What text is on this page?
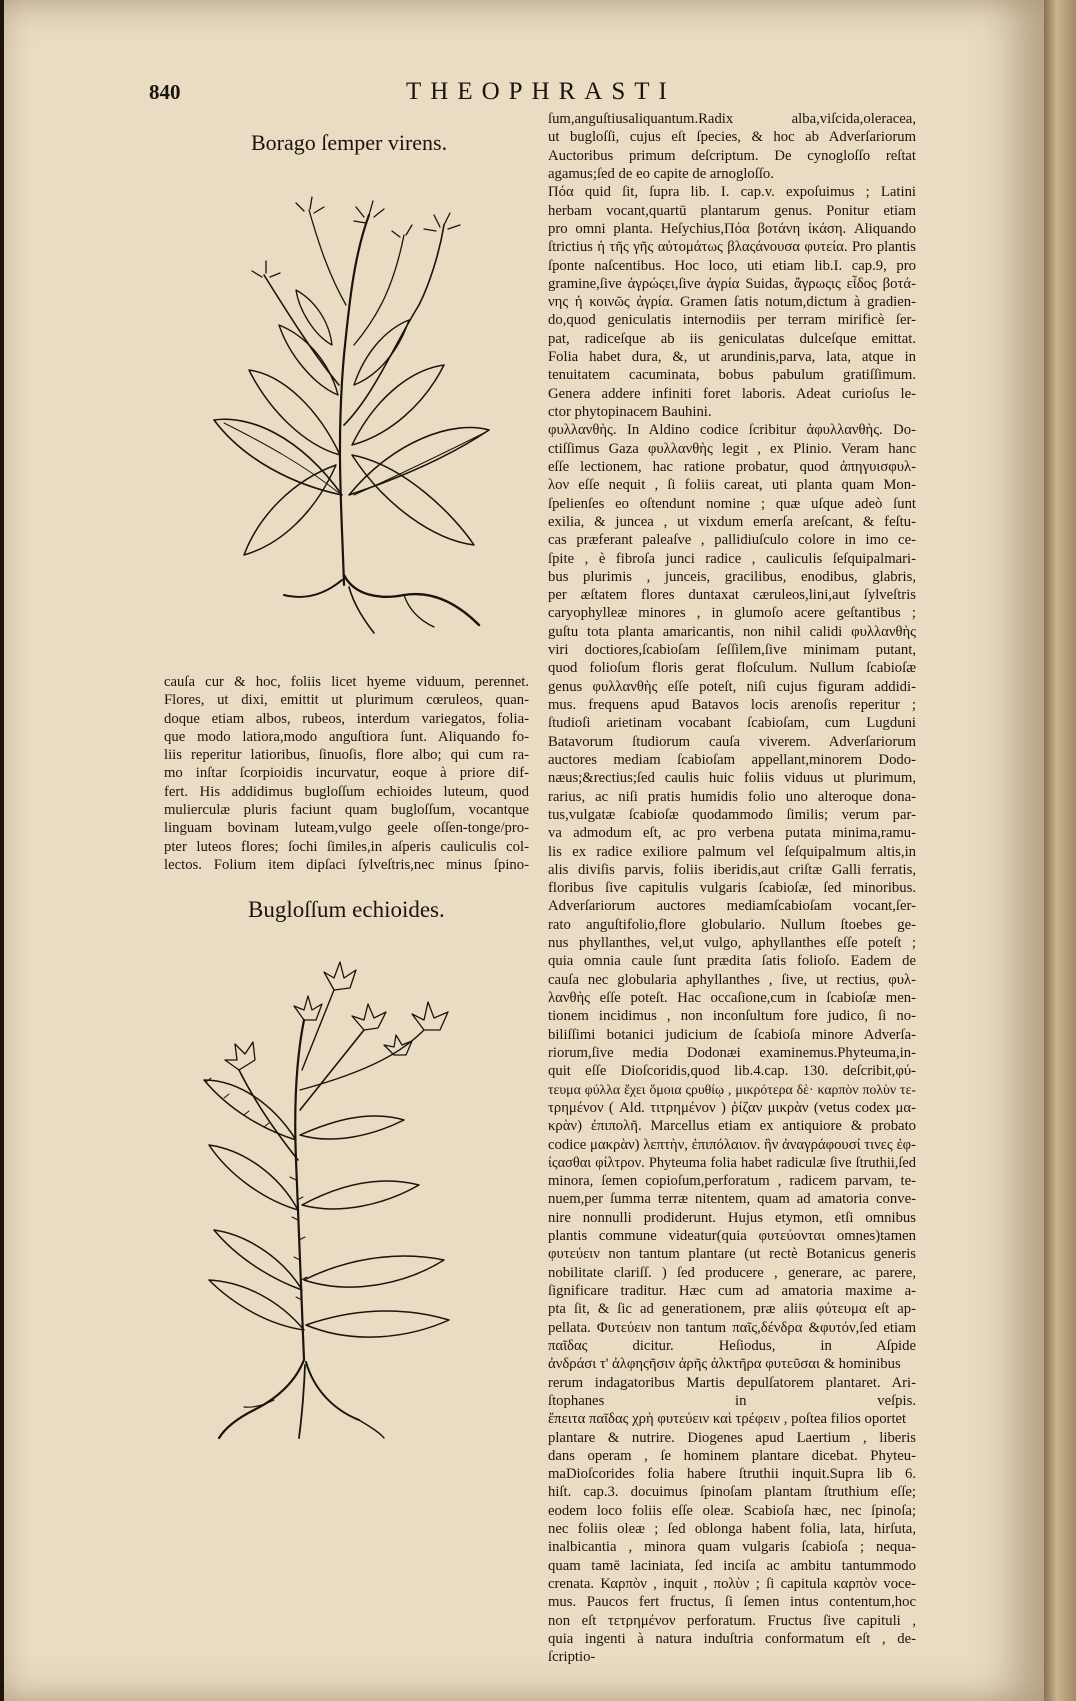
840	THEOPHRASTI
Borago ſemper virens.
cauſa cur & hoc, foliis licet hyeme viduum, perennet.
Flores, ut dixi, emittit ut plurimum cœruleos, quan-
doque etiam albos, rubeos, interdum variegatos, folia-
que modo latiora,modo anguſtiora ſunt. Aliquando fo-
liis reperitur latioribus, ſinuoſis, flore albo; qui cum ra-
mo inſtar ſcorpioidis incurvatur, eoque à priore dif-
fert. His addidimus bugloſſum echioides luteum, quod
mulierculæ pluris faciunt quam bugloſſum, vocantque
linguam bovinam luteam,vulgo geele oſſen-tonge/pro-
pter luteos flores; ſochi ſimiles,in aſperis cauliculis col-
lectos. Folium item dipſaci ſylveſtris,nec minus ſpino-
Bugloſſum echioides.
ſum,anguſtiusaliquantum.Radix alba,viſcida,oleracea,
ut bugloſſi, cujus eſt ſpecies, & hoc ab Adverſariorum
Auctoribus primum deſcriptum. De cynogloſſo reſtat
agamus;ſed de eo capite de arnogloſſo.
Πόα quid ſit, ſupra lib. I. cap.v. expoſuimus ; Latini
herbam vocant,quartū plantarum genus. Ponitur etiam
pro omni planta. Heſychius,Πόα βοτάνη ἰκάση. Aliquando
ſtrictius ἡ τῆς γῆς αὐτομάτως βλαςάνουσα φυτεία. Pro plantis
ſponte naſcentibus. Hoc loco, uti etiam lib.I. cap.9, pro
gramine,ſive ἀγρώςει,ſive ἀγρία Suidas, ἄγρωςις εἶδος βοτά-
νης ἡ κοινῶς ἀγρία. Gramen ſatis notum,dictum à gradien-
do,quod geniculatis internodiis per terram mirificè ſer-
pat, radiceſque ab iis geniculatas dulceſque emittat.
Folia habet dura, &, ut arundinis,parva, lata, atque in
tenuitatem cacuminata, bobus pabulum gratiſſimum.
Genera addere infiniti foret laboris. Adeat curioſus le-
ctor phytopinacem Bauhini.
φυλλανθὴς. In Aldino codice ſcribitur ἀφυλλανθὴς. Do-
ctiſſimus Gaza φυλλανθὴς legit , ex Plinio. Veram hanc
eſſe lectionem, hac ratione probatur, quod ἀπηγυισφυλ-
λον eſſe nequit , ſi foliis careat, uti planta quam Mon-
ſpelienſes eo oſtendunt nomine ; quæ uſque adeò ſunt
exilia, & juncea , ut vixdum emerſa areſcant, & feſtu-
cas præferant paleaſve , pallidiuſculo colore in imo ce-
ſpite , è fibroſa junci radice , cauliculis ſeſquipalmari-
bus plurimis , junceis, gracilibus, enodibus, glabris,
per æſtatem flores duntaxat cæruleos,lini,aut ſylveſtris
caryophylleæ minores , in glumoſo acere geſtantibus ;
guſtu tota planta amaricantis, non nihil calidi φυλλανθὴς
viri doctiores,ſcabioſam ſeſſilem,ſive minimam putant,
quod folioſum floris gerat floſculum. Nullum ſcabioſæ
genus φυλλανθὴς eſſe poteſt, niſi cujus figuram addidi-
mus. frequens apud Batavos locis arenoſis reperitur ;
ſtudioſi arietinam vocabant ſcabioſam, cum Lugduni
Batavorum ſtudiorum cauſa viverem. Adverſariorum
auctores mediam ſcabioſam appellant,minorem Dodo-
næus;&rectius;ſed caulis huic foliis viduus ut plurimum,
rarius, ac niſi pratis humidis folio uno alteroque dona-
tus,vulgatæ ſcabioſæ quodammodo ſimilis; verum par-
va admodum eſt, ac pro verbena putata minima,ramu-
lis ex radice exiliore palmum vel ſeſquipalmum altis,in
alis diviſis parvis, foliis iberidis,aut criſtæ Galli ferratis,
floribus ſive capitulis vulgaris ſcabioſæ, ſed minoribus.
Adverſariorum auctores mediamſcabioſam vocant,ſer-
rato anguſtifolio,flore globulario. Nullum ſtoebes ge-
nus phyllanthes, vel,ut vulgo, aphyllanthes eſſe poteſt ;
quia omnia caule ſunt prædita ſatis folioſo. Eadem de
cauſa nec globularia aphyllanthes , ſive, ut rectius, φυλ-
λανθὴς eſſe poteſt. Hac occaſione,cum in ſcabioſæ men-
tionem incidimus , non inconſultum fore judico, ſi no-
biliſſimi botanici judicium de ſcabioſa minore Adverſa-
riorum,ſive media Dodonæi examinemus.Phyteuma,in-
quit eſſe Dioſcoridis,quod lib.4.cap. 130. deſcribit,φύ-
τευμα φύλλα ἔχει ὅμοια ςρυθίῳ , μικρότερα δὲ· καρπὸν πολὺν τε-
τρημένον ( Ald. τιτρημένον ) ῥίζαν μικρὰν (vetus codex μα-
κρὰν) ἐπιπολῆ. Marcellus etiam ex antiquiore & probato
codice μακρὰν) λεπτὴν, ἐπιπόλαιον. ἣν ἀναγράφουσί τινες ἐφ-
ίςασθαι φίλτρον. Phyteuma folia habet radiculæ ſive ſtruthii,ſed
minora, ſemen copioſum,perforatum , radicem parvam, te-
nuem,per ſumma terræ nitentem, quam ad amatoria conve-
nire nonnulli prodiderunt. Hujus etymon, etſi omnibus
plantis commune videatur(quia φυτεύονται omnes)tamen
φυτεύειν non tantum plantare (ut rectè Botanicus generis
nobilitate clariſſ. ) ſed producere , generare, ac parere,
ſignificare traditur. Hæc cum ad amatoria maxime a-
pta ſit, & ſic ad generationem, præ aliis φύτευμα eſt ap-
pellata. Φυτεύειν non tantum παῖς,δένδρα &φυτόν,ſed etiam
παῖδας dicitur. Heſiodus, in Aſpide
ἀνδράσι τ' ἀλφηςῆσιν ἀρῆς ἀλκτῆρα φυτεῦσαι & hominibus
rerum indagatoribus Martis depulſatorem plantaret. Ari-
ſtophanes in veſpis.
ἔπειτα παῖδας χρὴ φυτεύειν καὶ τρέφειν , poſtea filios oportet
plantare & nutrire. Diogenes apud Laertium , liberis
dans operam , ſe hominem plantare dicebat. Phyteu-
maDioſcorides folia habere ſtruthii inquit.Supra lib 6.
hiſt. cap.3. docuimus ſpinoſam plantam ſtruthium eſſe;
eodem loco foliis eſſe oleæ. Scabioſa hæc, nec ſpinoſa;
nec foliis oleæ ; ſed oblonga habent folia, lata, hirſuta,
inalbicantia , minora quam vulgaris ſcabioſa ; nequa-
quam tamē laciniata, ſed inciſa ac ambitu tantummodo
crenata. Καρπὸν , inquit , πολὺν ; ſi capitula καρπὸν voce-
mus. Paucos fert fructus, ſi ſemen intus contentum,hoc
non eſt τετρημένον perforatum. Fructus ſive capituli ,
quia ingenti à natura induſtria conformatum eſt , de-
ſcriptio-
